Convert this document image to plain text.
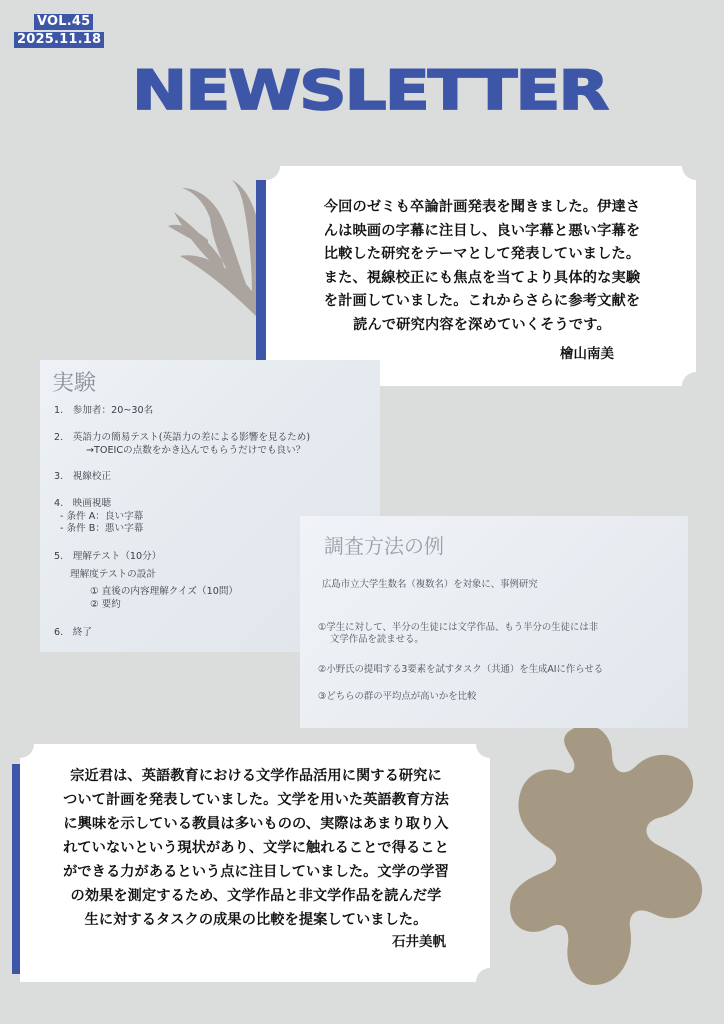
VOL.45
2025.11.18
NEWSLETTER
今回のゼミも卒論計画発表を聞きました。伊達さ
んは映画の字幕に注目し、良い字幕と悪い字幕を
比較した研究をテーマとして発表していました。
また、視線校正にも焦点を当てより具体的な実験
を計画していました。これからさらに参考文献を
読んで研究内容を深めていくそうです。
檜山南美
実験
1.　参加者：20~30名
2.　英語力の簡易テスト(英語力の差による影響を見るため)
→TOEICの点数をかき込んでもらうだけでも良い？
3.　視線校正
4.　映画視聴
- 条件 A：良い字幕
- 条件 B：悪い字幕
5.　理解テスト（10分）
理解度テストの設計
① 直後の内容理解クイズ（10問）
② 要約
6.　終了
調査方法の例
広島市立大学生数名（複数名）を対象に、事例研究
①学生に対して、半分の生徒には文学作品、もう半分の生徒には非
文学作品を読ませる。
②小野氏の提唱する3要素を試すタスク（共通）を生成AIに作らせる
③どちらの群の平均点が高いかを比較
宗近君は、英語教育における文学作品活用に関する研究に
ついて計画を発表していました。文学を用いた英語教育方法
に興味を示している教員は多いものの、実際はあまり取り入
れていないという現状があり、文学に触れることで得ること
ができる力があるという点に注目していました。文学の学習
の効果を測定するため、文学作品と非文学作品を読んだ学
生に対するタスクの成果の比較を提案していました。
石井美帆
